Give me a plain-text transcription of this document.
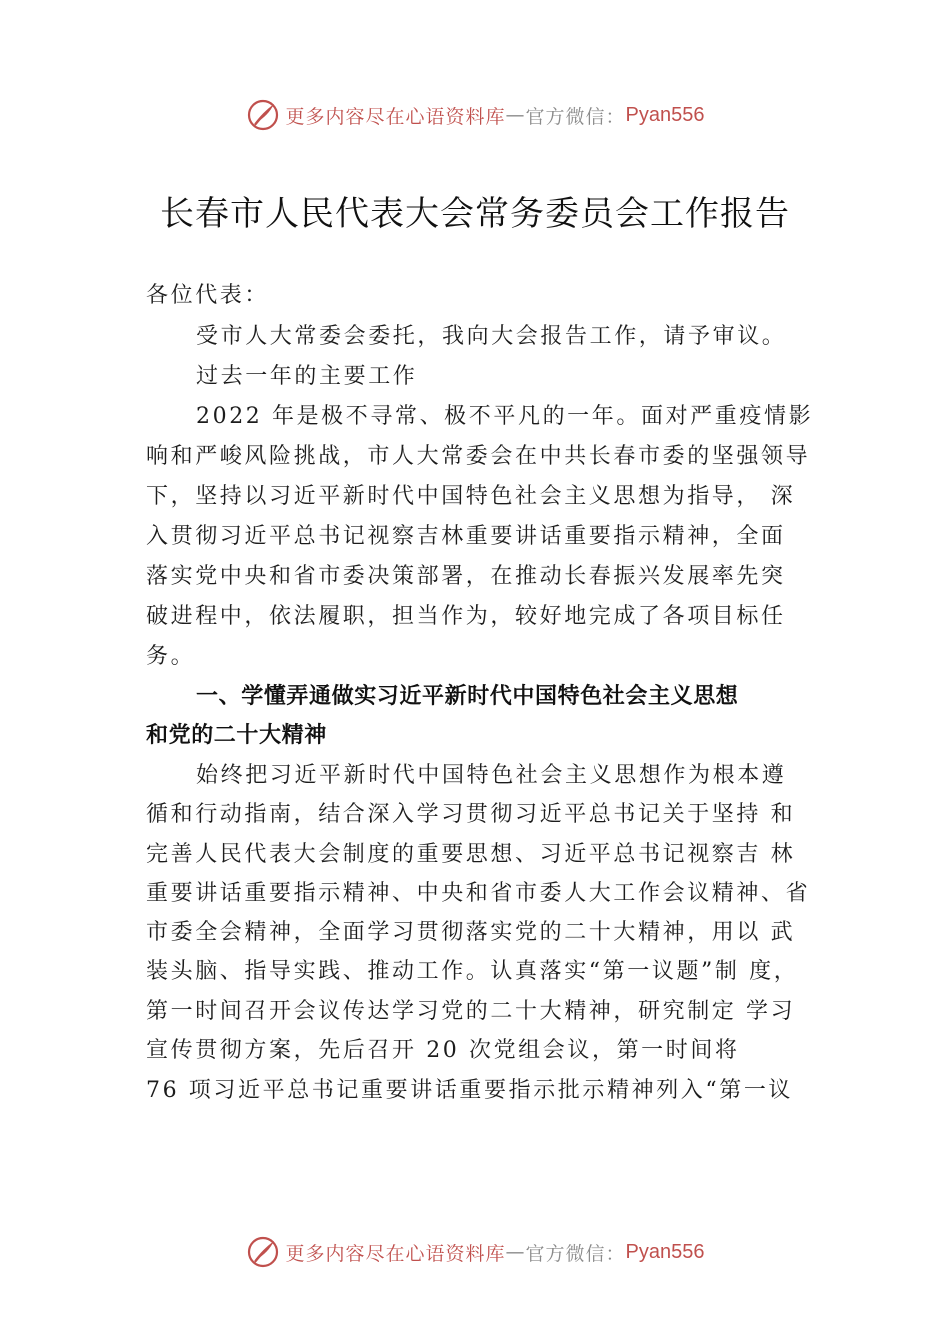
更多内容尽在心语资料库 — 官方微信： Pyan556
长春市人民代表大会常务委员会工作报告
各位代表：
受市人大常委会委托，我向大会报告工作，请予审议。
过去一年的主要工作
2022 年是极不寻常、极不平凡的一年。面对严重疫情影
响和严峻风险挑战，市人大常委会在中共长春市委的坚强领导
下，坚持以习近平新时代中国特色社会主义思想为指导， 深
入贯彻习近平总书记视察吉林重要讲话重要指示精神，全面
落实党中央和省市委决策部署，在推动长春振兴发展率先突
破进程中，依法履职，担当作为，较好地完成了各项目标任
务。
一、学懂弄通做实习近平新时代中国特色社会主义思想
和党的二十大精神
始终把习近平新时代中国特色社会主义思想作为根本遵
循和行动指南，结合深入学习贯彻习近平总书记关于坚持 和
完善人民代表大会制度的重要思想、习近平总书记视察吉 林
重要讲话重要指示精神、中央和省市委人大工作会议精神、省
市委全会精神，全面学习贯彻落实党的二十大精神，用以 武
装头脑、指导实践、推动工作。认真落实“第一议题”制 度，
第一时间召开会议传达学习党的二十大精神，研究制定 学习
宣传贯彻方案，先后召开 20 次党组会议，第一时间将
76 项习近平总书记重要讲话重要指示批示精神列入“第一议
更多内容尽在心语资料库 — 官方微信： Pyan556
